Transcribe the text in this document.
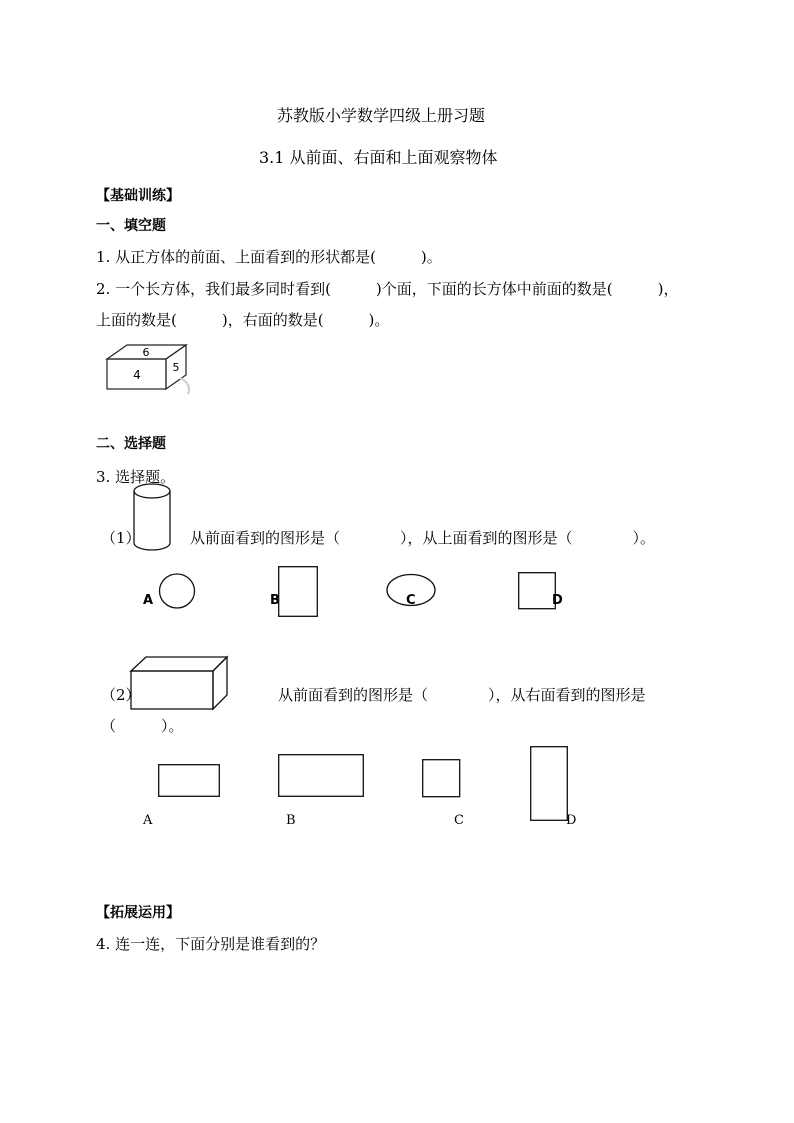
苏教版小学数学四级上册习题
3.1 从前面、右面和上面观察物体
【基础训练】
一、填空题
1. 从正方体的前面、上面看到的形状都是(　　　)。
2. 一个长方体，我们最多同时看到(　　　)个面，下面的长方体中前面的数是(　　　)，
上面的数是(　　　)，右面的数是(　　　)。
6
4
5
二、选择题
3. 选择题。
（1）	从前面看到的图形是（　　　　），从上面看到的图形是（　　　　）。
A	B	C	D
（2）	从前面看到的图形是（　　　　），从右面看到的图形是
（　　　）。
A	B	C	D
【拓展运用】
4. 连一连，下面分别是谁看到的？
